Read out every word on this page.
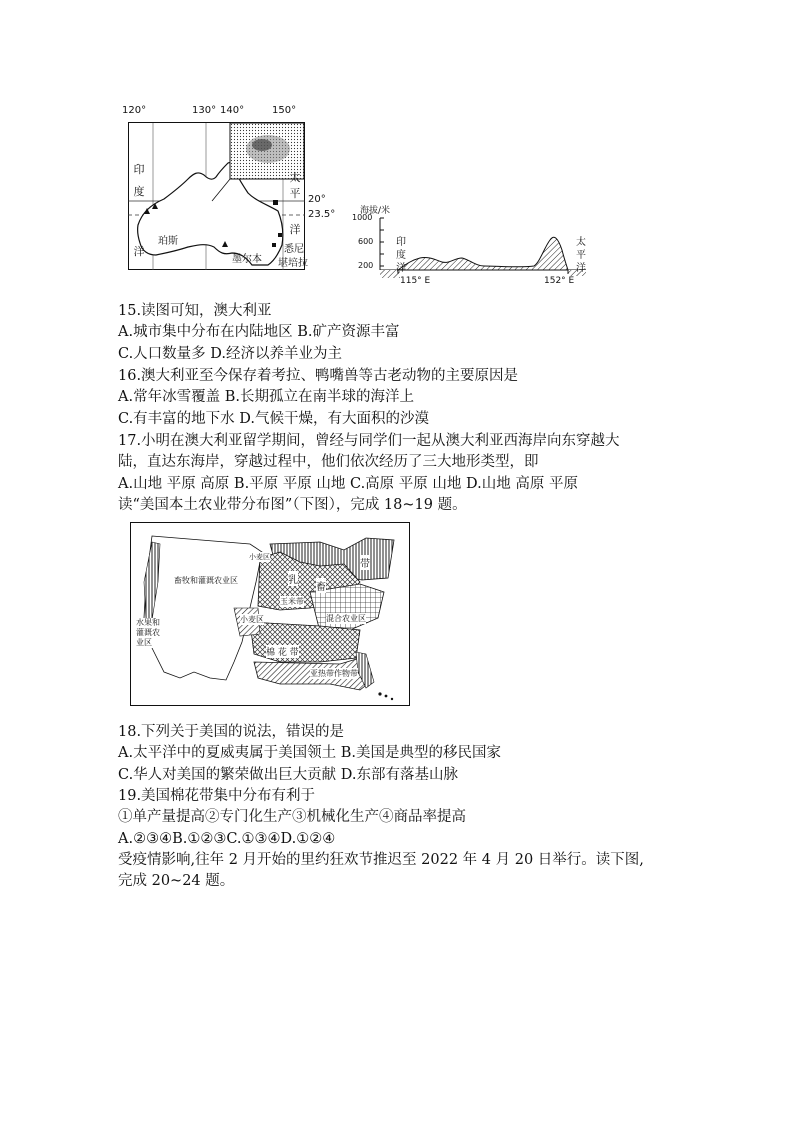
120°	130° 140°	150°
20°
23.5°
印
度
洋
太
平
洋
珀斯
墨尔本
悉尼
堪培拉
海拔/米
1000
600
200
印
度
洋
太
平
洋
115° E	152° E
15.读图可知，澳大利亚
A.城市集中分布在内陆地区 B.矿产资源丰富
C.人口数量多 D.经济以养羊业为主
16.澳大利亚至今保存着考拉、鸭嘴兽等古老动物的主要原因是
A.常年冰雪覆盖 B.长期孤立在南半球的海洋上
C.有丰富的地下水 D.气候干燥，有大面积的沙漠
17.小明在澳大利亚留学期间，曾经与同学们一起从澳大利亚西海岸向东穿越大
陆，直达东海岸，穿越过程中，他们依次经历了三大地形类型，即
A.山地 平原 高原 B.平原 平原 山地 C.高原 平原 山地 D.山地 高原 平原
读“美国本土农业带分布图”（下图），完成 18~19 题。
畜牧和灌溉农业区
水果和灌溉农业区
乳
畜
带
玉米带
小麦区	混合农业区
棉 花 带
亚热带作物带
小麦区
18.下列关于美国的说法，错误的是
A.太平洋中的夏威夷属于美国领土 B.美国是典型的移民国家
C.华人对美国的繁荣做出巨大贡献 D.东部有落基山脉
19.美国棉花带集中分布有利于
①单产量提高②专门化生产③机械化生产④商品率提高
A.②③④B.①②③C.①③④D.①②④
受疫情影响,往年 2 月开始的里约狂欢节推迟至 2022 年 4 月 20 日举行。读下图,
完成 20~24 题。
